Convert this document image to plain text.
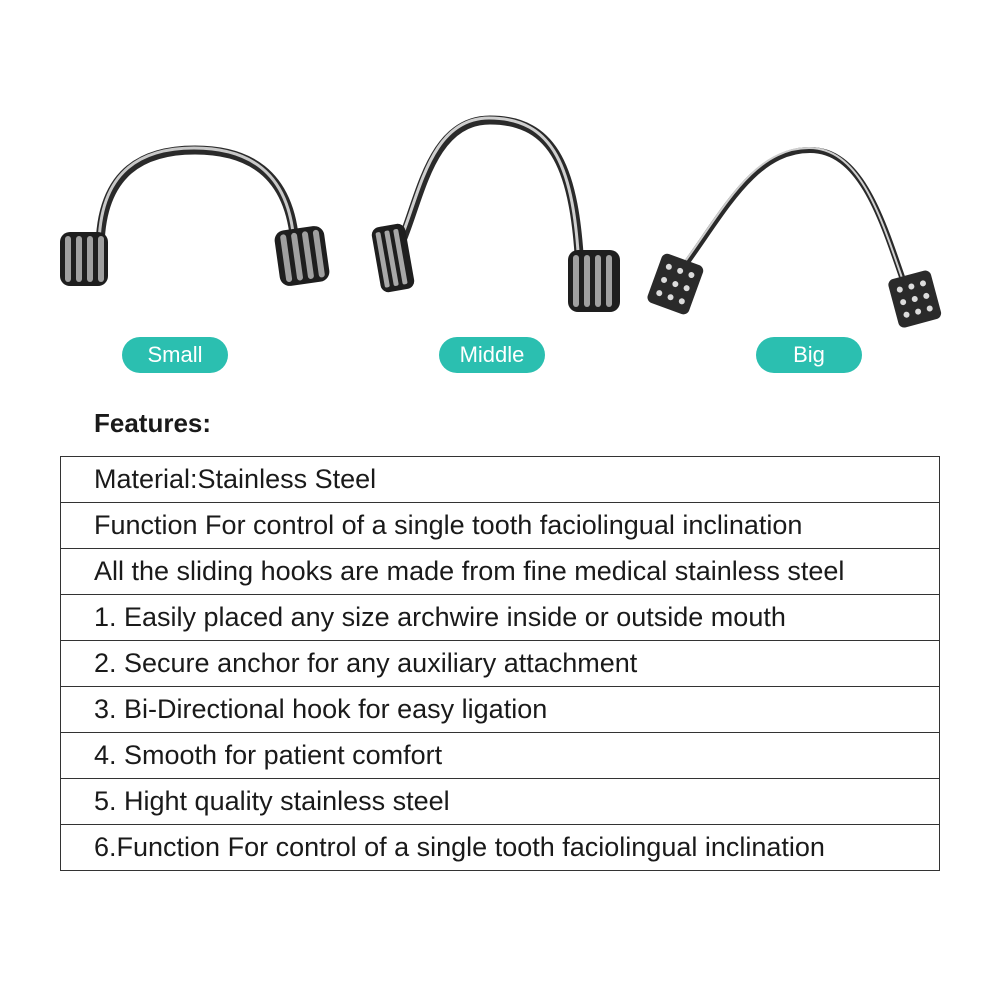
Small	Middle	Big
Features:
Material:Stainless Steel
Function For control of a single tooth faciolingual inclination
All the sliding hooks are made from fine medical stainless steel
1. Easily placed any size archwire inside or outside mouth
2. Secure anchor for any auxiliary attachment
3. Bi-Directional hook for easy ligation
4. Smooth for patient comfort
5. Hight quality stainless steel
6.Function For control of a single tooth faciolingual inclination
